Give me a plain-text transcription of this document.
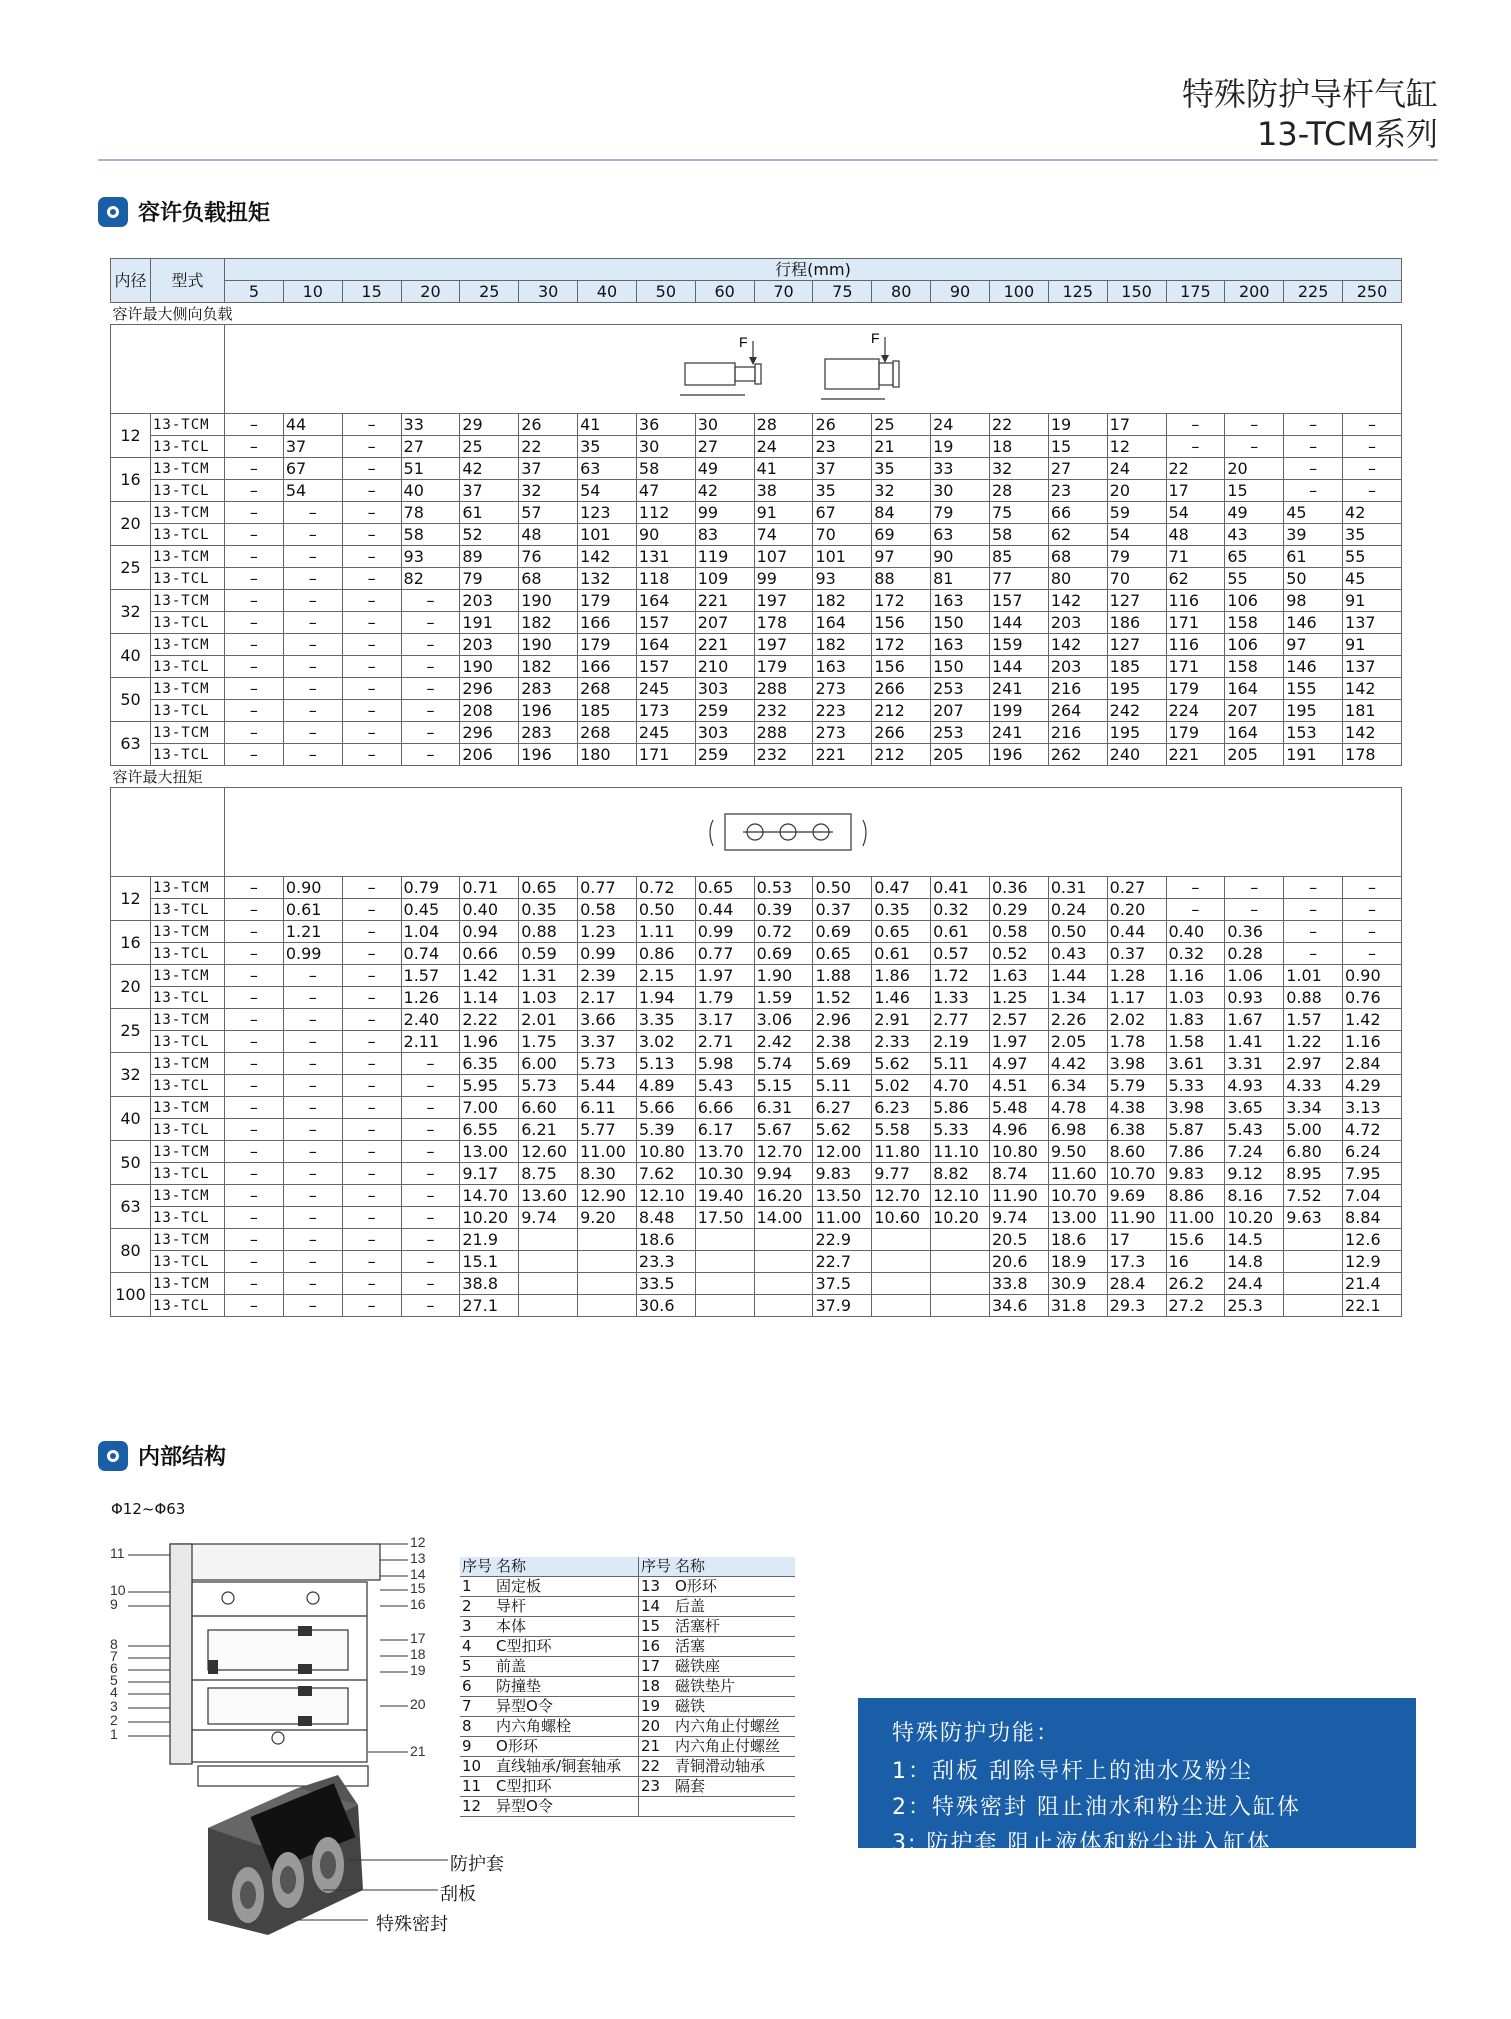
特殊防护导杆气缸
13-TCM系列
容许负载扭矩
内径	型式	行程(mm)																			
		5	10	15	20	25	30	40	50	60	70	75	80	90	100	125	150	175	200	225	250
容许最大侧向负载																					

F F																			

12	13-TCM	–	44	–	33	29	26	41	36	30	28	26	25	24	22	19	17	–	–	–	–
	13-TCL	–	37	–	27	25	22	35	30	27	24	23	21	19	18	15	12	–	–	–	–
16	13-TCM	–	67	–	51	42	37	63	58	49	41	37	35	33	32	27	24	22	20	–	–
	13-TCL	–	54	–	40	37	32	54	47	42	38	35	32	30	28	23	20	17	15	–	–
20	13-TCM	–	–	–	78	61	57	123	112	99	91	67	84	79	75	66	59	54	49	45	42
	13-TCL	–	–	–	58	52	48	101	90	83	74	70	69	63	58	62	54	48	43	39	35
25	13-TCM	–	–	–	93	89	76	142	131	119	107	101	97	90	85	68	79	71	65	61	55
	13-TCL	–	–	–	82	79	68	132	118	109	99	93	88	81	77	80	70	62	55	50	45
32	13-TCM	–	–	–	–	203	190	179	164	221	197	182	172	163	157	142	127	116	106	98	91
	13-TCL	–	–	–	–	191	182	166	157	207	178	164	156	150	144	203	186	171	158	146	137
40	13-TCM	–	–	–	–	203	190	179	164	221	197	182	172	163	159	142	127	116	106	97	91
	13-TCL	–	–	–	–	190	182	166	157	210	179	163	156	150	144	203	185	171	158	146	137
50	13-TCM	–	–	–	–	296	283	268	245	303	288	273	266	253	241	216	195	179	164	155	142
	13-TCL	–	–	–	–	208	196	185	173	259	232	223	212	207	199	264	242	224	207	195	181
63	13-TCM	–	–	–	–	296	283	268	245	303	288	273	266	253	241	216	195	179	164	153	142
	13-TCL	–	–	–	–	206	196	180	171	259	232	221	212	205	196	262	240	221	205	191	178
容许最大扭矩																					

12	13-TCM	–	0.90	–	0.79	0.71	0.65	0.77	0.72	0.65	0.53	0.50	0.47	0.41	0.36	0.31	0.27	–	–	–	–
	13-TCL	–	0.61	–	0.45	0.40	0.35	0.58	0.50	0.44	0.39	0.37	0.35	0.32	0.29	0.24	0.20	–	–	–	–
16	13-TCM	–	1.21	–	1.04	0.94	0.88	1.23	1.11	0.99	0.72	0.69	0.65	0.61	0.58	0.50	0.44	0.40	0.36	–	–
	13-TCL	–	0.99	–	0.74	0.66	0.59	0.99	0.86	0.77	0.69	0.65	0.61	0.57	0.52	0.43	0.37	0.32	0.28	–	–
20	13-TCM	–	–	–	1.57	1.42	1.31	2.39	2.15	1.97	1.90	1.88	1.86	1.72	1.63	1.44	1.28	1.16	1.06	1.01	0.90
	13-TCL	–	–	–	1.26	1.14	1.03	2.17	1.94	1.79	1.59	1.52	1.46	1.33	1.25	1.34	1.17	1.03	0.93	0.88	0.76
25	13-TCM	–	–	–	2.40	2.22	2.01	3.66	3.35	3.17	3.06	2.96	2.91	2.77	2.57	2.26	2.02	1.83	1.67	1.57	1.42
	13-TCL	–	–	–	2.11	1.96	1.75	3.37	3.02	2.71	2.42	2.38	2.33	2.19	1.97	2.05	1.78	1.58	1.41	1.22	1.16
32	13-TCM	–	–	–	–	6.35	6.00	5.73	5.13	5.98	5.74	5.69	5.62	5.11	4.97	4.42	3.98	3.61	3.31	2.97	2.84
	13-TCL	–	–	–	–	5.95	5.73	5.44	4.89	5.43	5.15	5.11	5.02	4.70	4.51	6.34	5.79	5.33	4.93	4.33	4.29
40	13-TCM	–	–	–	–	7.00	6.60	6.11	5.66	6.66	6.31	6.27	6.23	5.86	5.48	4.78	4.38	3.98	3.65	3.34	3.13
	13-TCL	–	–	–	–	6.55	6.21	5.77	5.39	6.17	5.67	5.62	5.58	5.33	4.96	6.98	6.38	5.87	5.43	5.00	4.72
50	13-TCM	–	–	–	–	13.00	12.60	11.00	10.80	13.70	12.70	12.00	11.80	11.10	10.80	9.50	8.60	7.86	7.24	6.80	6.24
	13-TCL	–	–	–	–	9.17	8.75	8.30	7.62	10.30	9.94	9.83	9.77	8.82	8.74	11.60	10.70	9.83	9.12	8.95	7.95
63	13-TCM	–	–	–	–	14.70	13.60	12.90	12.10	19.40	16.20	13.50	12.70	12.10	11.90	10.70	9.69	8.86	8.16	7.52	7.04
	13-TCL	–	–	–	–	10.20	9.74	9.20	8.48	17.50	14.00	11.00	10.60	10.20	9.74	13.00	11.90	11.00	10.20	9.63	8.84
80	13-TCM	–	–	–	–	21.9			18.6			22.9			20.5	18.6	17	15.6	14.5		12.6
	13-TCL	–	–	–	–	15.1			23.3			22.7			20.6	18.9	17.3	16	14.8		12.9
100	13-TCM	–	–	–	–	38.8			33.5			37.5			33.8	30.9	28.4	26.2	24.4		21.4
	13-TCL	–	–	–	–	27.1			30.6			37.9			34.6	31.8	29.3	27.2	25.3		22.1
内部结构
Φ12~Φ63
11
10
9
8
7
6
5
4
3
2
1
12
13
14
15
16
17
18
19
20
21
序号	名称	序号	名称
1	固定板	13	O形环
2	导杆	14	后盖
3	本体	15	活塞杆
4	C型扣环	16	活塞
5	前盖	17	磁铁座
6	防撞垫	18	磁铁垫片
7	异型O令	19	磁铁
8	内六角螺栓	20	内六角止付螺丝
9	O形环	21	内六角止付螺丝
10	直线轴承/铜套轴承	22	青铜滑动轴承
11	C型扣环	23	隔套
12	异型O令		
防护套
刮板
特殊密封
特殊防护功能：
1：刮板 刮除导杆上的油水及粉尘
2：特殊密封 阻止油水和粉尘进入缸体
3: 防护套 阻止液体和粉尘进入缸体
